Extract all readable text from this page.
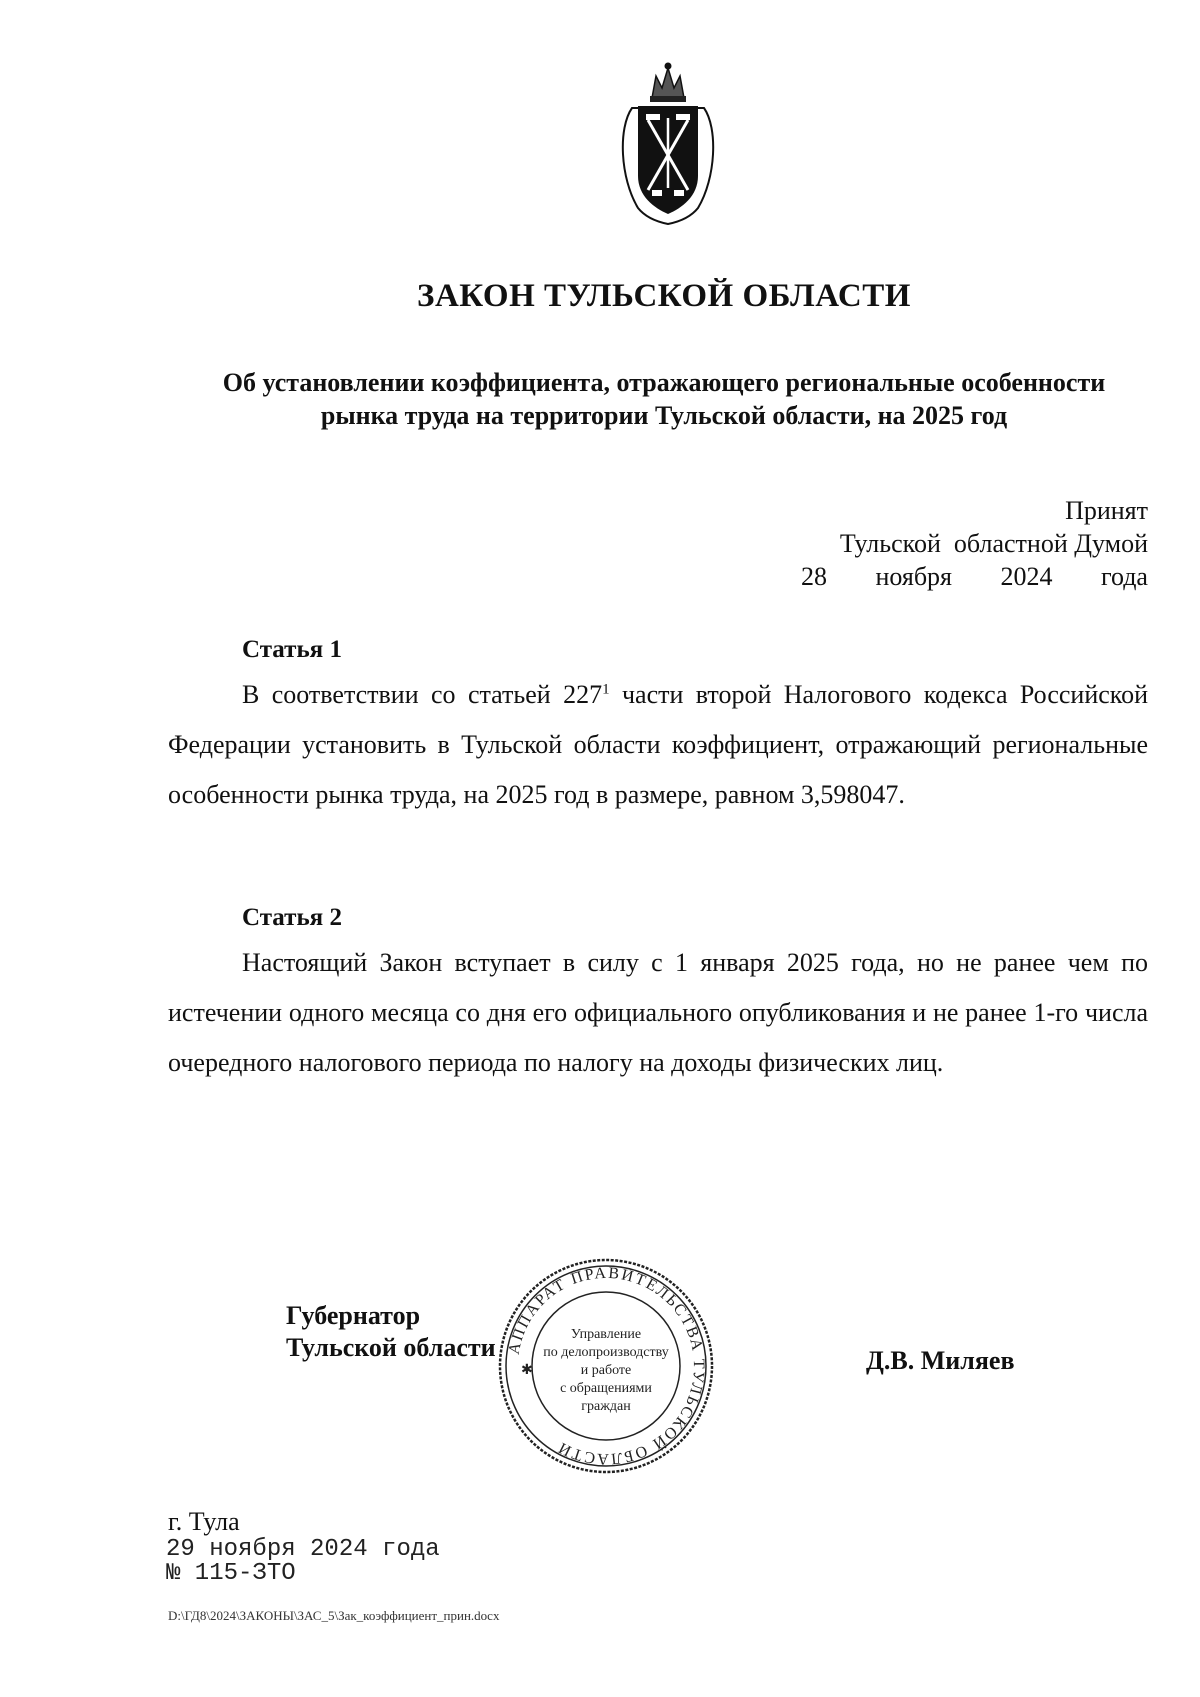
ЗАКОН ТУЛЬСКОЙ ОБЛАСТИ
Об установлении коэффициента, отражающего региональные особенности
рынка труда на территории Тульской области, на 2025 год
Принят
Тульской  областной Думой
28 ноября 2024 года
Статья 1
В соответствии со статьей $227^1$ части второй Налогового кодекса Российской Федерации установить в Тульской области коэффициент, отражающий региональные особенности рынка труда, на 2025 год в размере, равном 3,598047.
Статья 2
Настоящий Закон вступает в силу с 1 января 2025 года, но не ранее чем по истечении одного месяца со дня его официального опубликования и не ранее 1-го числа очередного налогового периода по налогу на доходы физических лиц.
Губернатор
Тульской области АППАРАТ ПРАВИТЕЛЬСТВА ТУЛЬСКОЙ ОБЛАСТИ
Управление
по делопроизводству
и работе
с обращениями
граждан
✱	Д.В. Миляев
г. Тула
29 ноября 2024 года
№ 115-ЗТО
D:\ГД8\2024\ЗАКОНЫ\ЗАС_5\Зак_коэффициент_прин.docx
